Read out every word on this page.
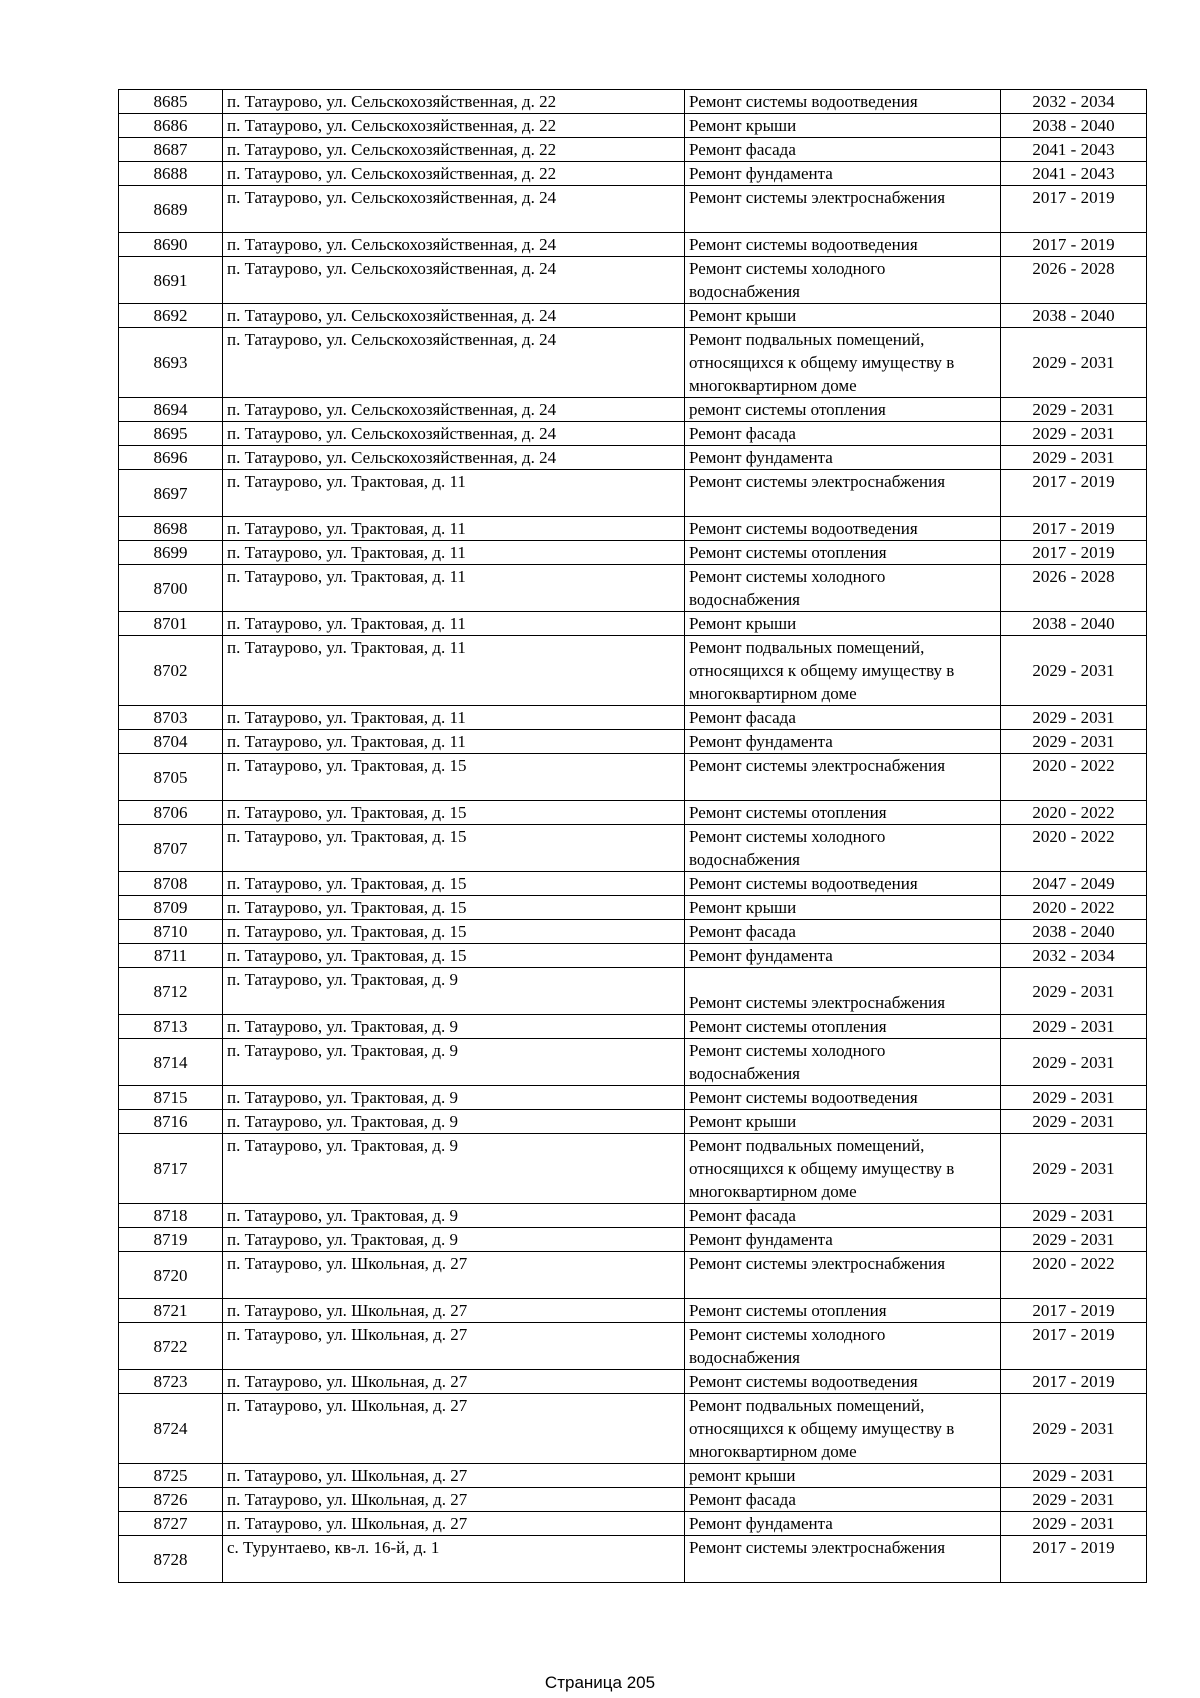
8685	п. Татаурово, ул. Сельскохозяйственная, д. 22	Ремонт системы водоотведения	2032 - 2034
8686	п. Татаурово, ул. Сельскохозяйственная, д. 22	Ремонт крыши	2038 - 2040
8687	п. Татаурово, ул. Сельскохозяйственная, д. 22	Ремонт фасада	2041 - 2043
8688	п. Татаурово, ул. Сельскохозяйственная, д. 22	Ремонт фундамента	2041 - 2043
8689	п. Татаурово, ул. Сельскохозяйственная, д. 24	Ремонт системы электроснабжения	2017 - 2019
8690	п. Татаурово, ул. Сельскохозяйственная, д. 24	Ремонт системы водоотведения	2017 - 2019
8691	п. Татаурово, ул. Сельскохозяйственная, д. 24	Ремонт системы холодного водоснабжения	2026 - 2028
8692	п. Татаурово, ул. Сельскохозяйственная, д. 24	Ремонт крыши	2038 - 2040
8693	п. Татаурово, ул. Сельскохозяйственная, д. 24	Ремонт подвальных помещений, относящихся к общему имуществу в многоквартирном доме	2029 - 2031
8694	п. Татаурово, ул. Сельскохозяйственная, д. 24	ремонт системы отопления	2029 - 2031
8695	п. Татаурово, ул. Сельскохозяйственная, д. 24	Ремонт фасада	2029 - 2031
8696	п. Татаурово, ул. Сельскохозяйственная, д. 24	Ремонт фундамента	2029 - 2031
8697	п. Татаурово, ул. Трактовая, д. 11	Ремонт системы электроснабжения	2017 - 2019
8698	п. Татаурово, ул. Трактовая, д. 11	Ремонт системы водоотведения	2017 - 2019
8699	п. Татаурово, ул. Трактовая, д. 11	Ремонт системы отопления	2017 - 2019
8700	п. Татаурово, ул. Трактовая, д. 11	Ремонт системы холодного водоснабжения	2026 - 2028
8701	п. Татаурово, ул. Трактовая, д. 11	Ремонт крыши	2038 - 2040
8702	п. Татаурово, ул. Трактовая, д. 11	Ремонт подвальных помещений, относящихся к общему имуществу в многоквартирном доме	2029 - 2031
8703	п. Татаурово, ул. Трактовая, д. 11	Ремонт фасада	2029 - 2031
8704	п. Татаурово, ул. Трактовая, д. 11	Ремонт фундамента	2029 - 2031
8705	п. Татаурово, ул. Трактовая, д. 15	Ремонт системы электроснабжения	2020 - 2022
8706	п. Татаурово, ул. Трактовая, д. 15	Ремонт системы отопления	2020 - 2022
8707	п. Татаурово, ул. Трактовая, д. 15	Ремонт системы холодного водоснабжения	2020 - 2022
8708	п. Татаурово, ул. Трактовая, д. 15	Ремонт системы водоотведения	2047 - 2049
8709	п. Татаурово, ул. Трактовая, д. 15	Ремонт крыши	2020 - 2022
8710	п. Татаурово, ул. Трактовая, д. 15	Ремонт фасада	2038 - 2040
8711	п. Татаурово, ул. Трактовая, д. 15	Ремонт фундамента	2032 - 2034
8712	п. Татаурово, ул. Трактовая, д. 9	Ремонт системы электроснабжения	2029 - 2031
8713	п. Татаурово, ул. Трактовая, д. 9	Ремонт системы отопления	2029 - 2031
8714	п. Татаурово, ул. Трактовая, д. 9	Ремонт системы холодного водоснабжения	2029 - 2031
8715	п. Татаурово, ул. Трактовая, д. 9	Ремонт системы водоотведения	2029 - 2031
8716	п. Татаурово, ул. Трактовая, д. 9	Ремонт крыши	2029 - 2031
8717	п. Татаурово, ул. Трактовая, д. 9	Ремонт подвальных помещений, относящихся к общему имуществу в многоквартирном доме	2029 - 2031
8718	п. Татаурово, ул. Трактовая, д. 9	Ремонт фасада	2029 - 2031
8719	п. Татаурово, ул. Трактовая, д. 9	Ремонт фундамента	2029 - 2031
8720	п. Татаурово, ул. Школьная, д. 27	Ремонт системы электроснабжения	2020 - 2022
8721	п. Татаурово, ул. Школьная, д. 27	Ремонт системы отопления	2017 - 2019
8722	п. Татаурово, ул. Школьная, д. 27	Ремонт системы холодного водоснабжения	2017 - 2019
8723	п. Татаурово, ул. Школьная, д. 27	Ремонт системы водоотведения	2017 - 2019
8724	п. Татаурово, ул. Школьная, д. 27	Ремонт подвальных помещений, относящихся к общему имуществу в многоквартирном доме	2029 - 2031
8725	п. Татаурово, ул. Школьная, д. 27	ремонт крыши	2029 - 2031
8726	п. Татаурово, ул. Школьная, д. 27	Ремонт фасада	2029 - 2031
8727	п. Татаурово, ул. Школьная, д. 27	Ремонт фундамента	2029 - 2031
8728	с. Турунтаево, кв-л. 16-й, д. 1	Ремонт системы электроснабжения	2017 - 2019
Страница 205
